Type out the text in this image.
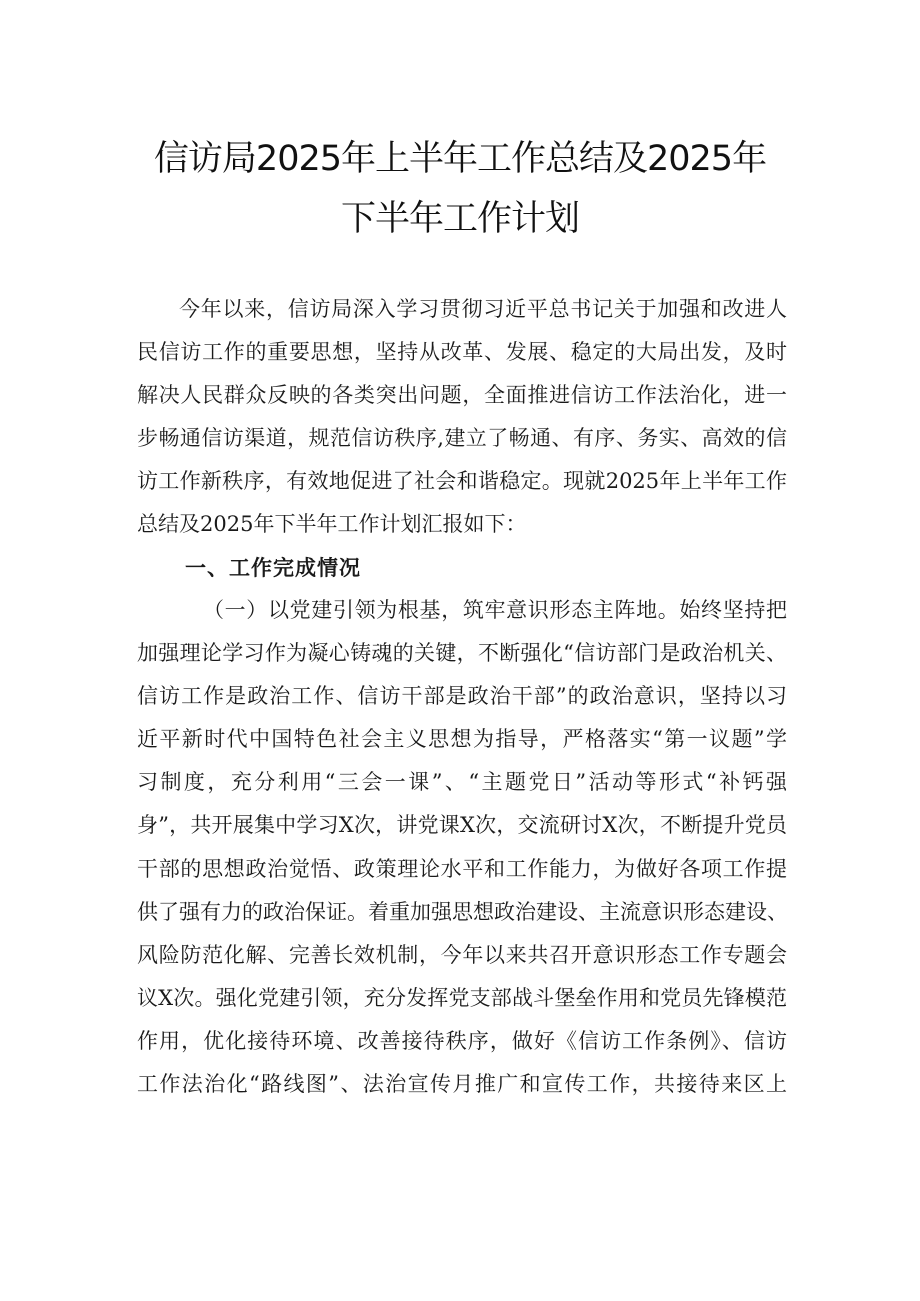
信访局2025年上半年工作总结及2025年
下半年工作计划
今年以来，信访局深入学习贯彻习近平总书记关于加强和改进人
民信访工作的重要思想，坚持从改革、发展、稳定的大局出发，及时
解决人民群众反映的各类突出问题，全面推进信访工作法治化，进一
步畅通信访渠道，规范信访秩序,建立了畅通、有序、务实、高效的信
访工作新秩序，有效地促进了社会和谐稳定。现就2025年上半年工作
总结及2025年下半年工作计划汇报如下：
一、工作完成情况
（一）以党建引领为根基，筑牢意识形态主阵地。始终坚持把
加强理论学习作为凝心铸魂的关键，不断强化“信访部门是政治机关、
信访工作是政治工作、信访干部是政治干部”的政治意识，坚持以习
近平新时代中国特色社会主义思想为指导，严格落实“第一议题”学
习制度，充分利用“三会一课”、“主题党日”活动等形式“补钙强
身”，共开展集中学习X次，讲党课X次，交流研讨X次，不断提升党员
干部的思想政治觉悟、政策理论水平和工作能力，为做好各项工作提
供了强有力的政治保证。着重加强思想政治建设、主流意识形态建设、
风险防范化解、完善长效机制，今年以来共召开意识形态工作专题会
议X次。强化党建引领，充分发挥党支部战斗堡垒作用和党员先锋模范
作用，优化接待环境、改善接待秩序，做好《信访工作条例》、信访
工作法治化“路线图”、法治宣传月推广和宣传工作，共接待来区上
